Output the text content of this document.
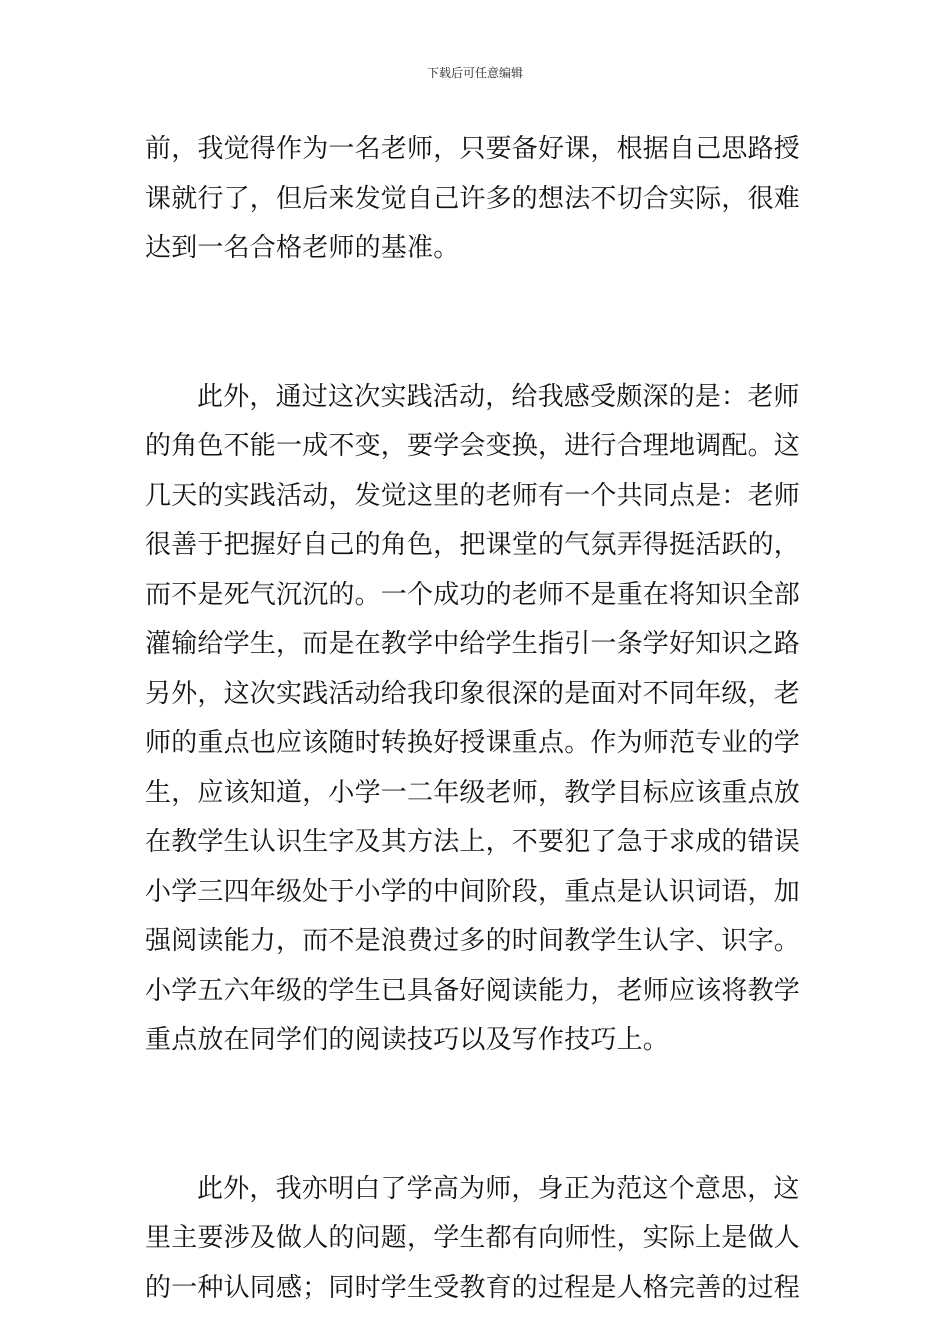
下载后可任意编辑
前，我觉得作为一名老师，只要备好课，根据自己思路授
课就行了，但后来发觉自己许多的想法不切合实际，很难
达到一名合格老师的基准。
此外，通过这次实践活动，给我感受颇深的是：老师
的角色不能一成不变，要学会变换，进行合理地调配。这
几天的实践活动，发觉这里的老师有一个共同点是：老师
很善于把握好自己的角色，把课堂的气氛弄得挺活跃的，
而不是死气沉沉的。一个成功的老师不是重在将知识全部
灌输给学生，而是在教学中给学生指引一条学好知识之路
另外，这次实践活动给我印象很深的是面对不同年级，老
师的重点也应该随时转换好授课重点。作为师范专业的学
生，应该知道，小学一二年级老师，教学目标应该重点放
在教学生认识生字及其方法上，不要犯了急于求成的错误
小学三四年级处于小学的中间阶段，重点是认识词语，加
强阅读能力，而不是浪费过多的时间教学生认字、识字。
小学五六年级的学生已具备好阅读能力，老师应该将教学
重点放在同学们的阅读技巧以及写作技巧上。
此外，我亦明白了学高为师，身正为范这个意思，这
里主要涉及做人的问题，学生都有向师性，实际上是做人
的一种认同感；同时学生受教育的过程是人格完善的过程
